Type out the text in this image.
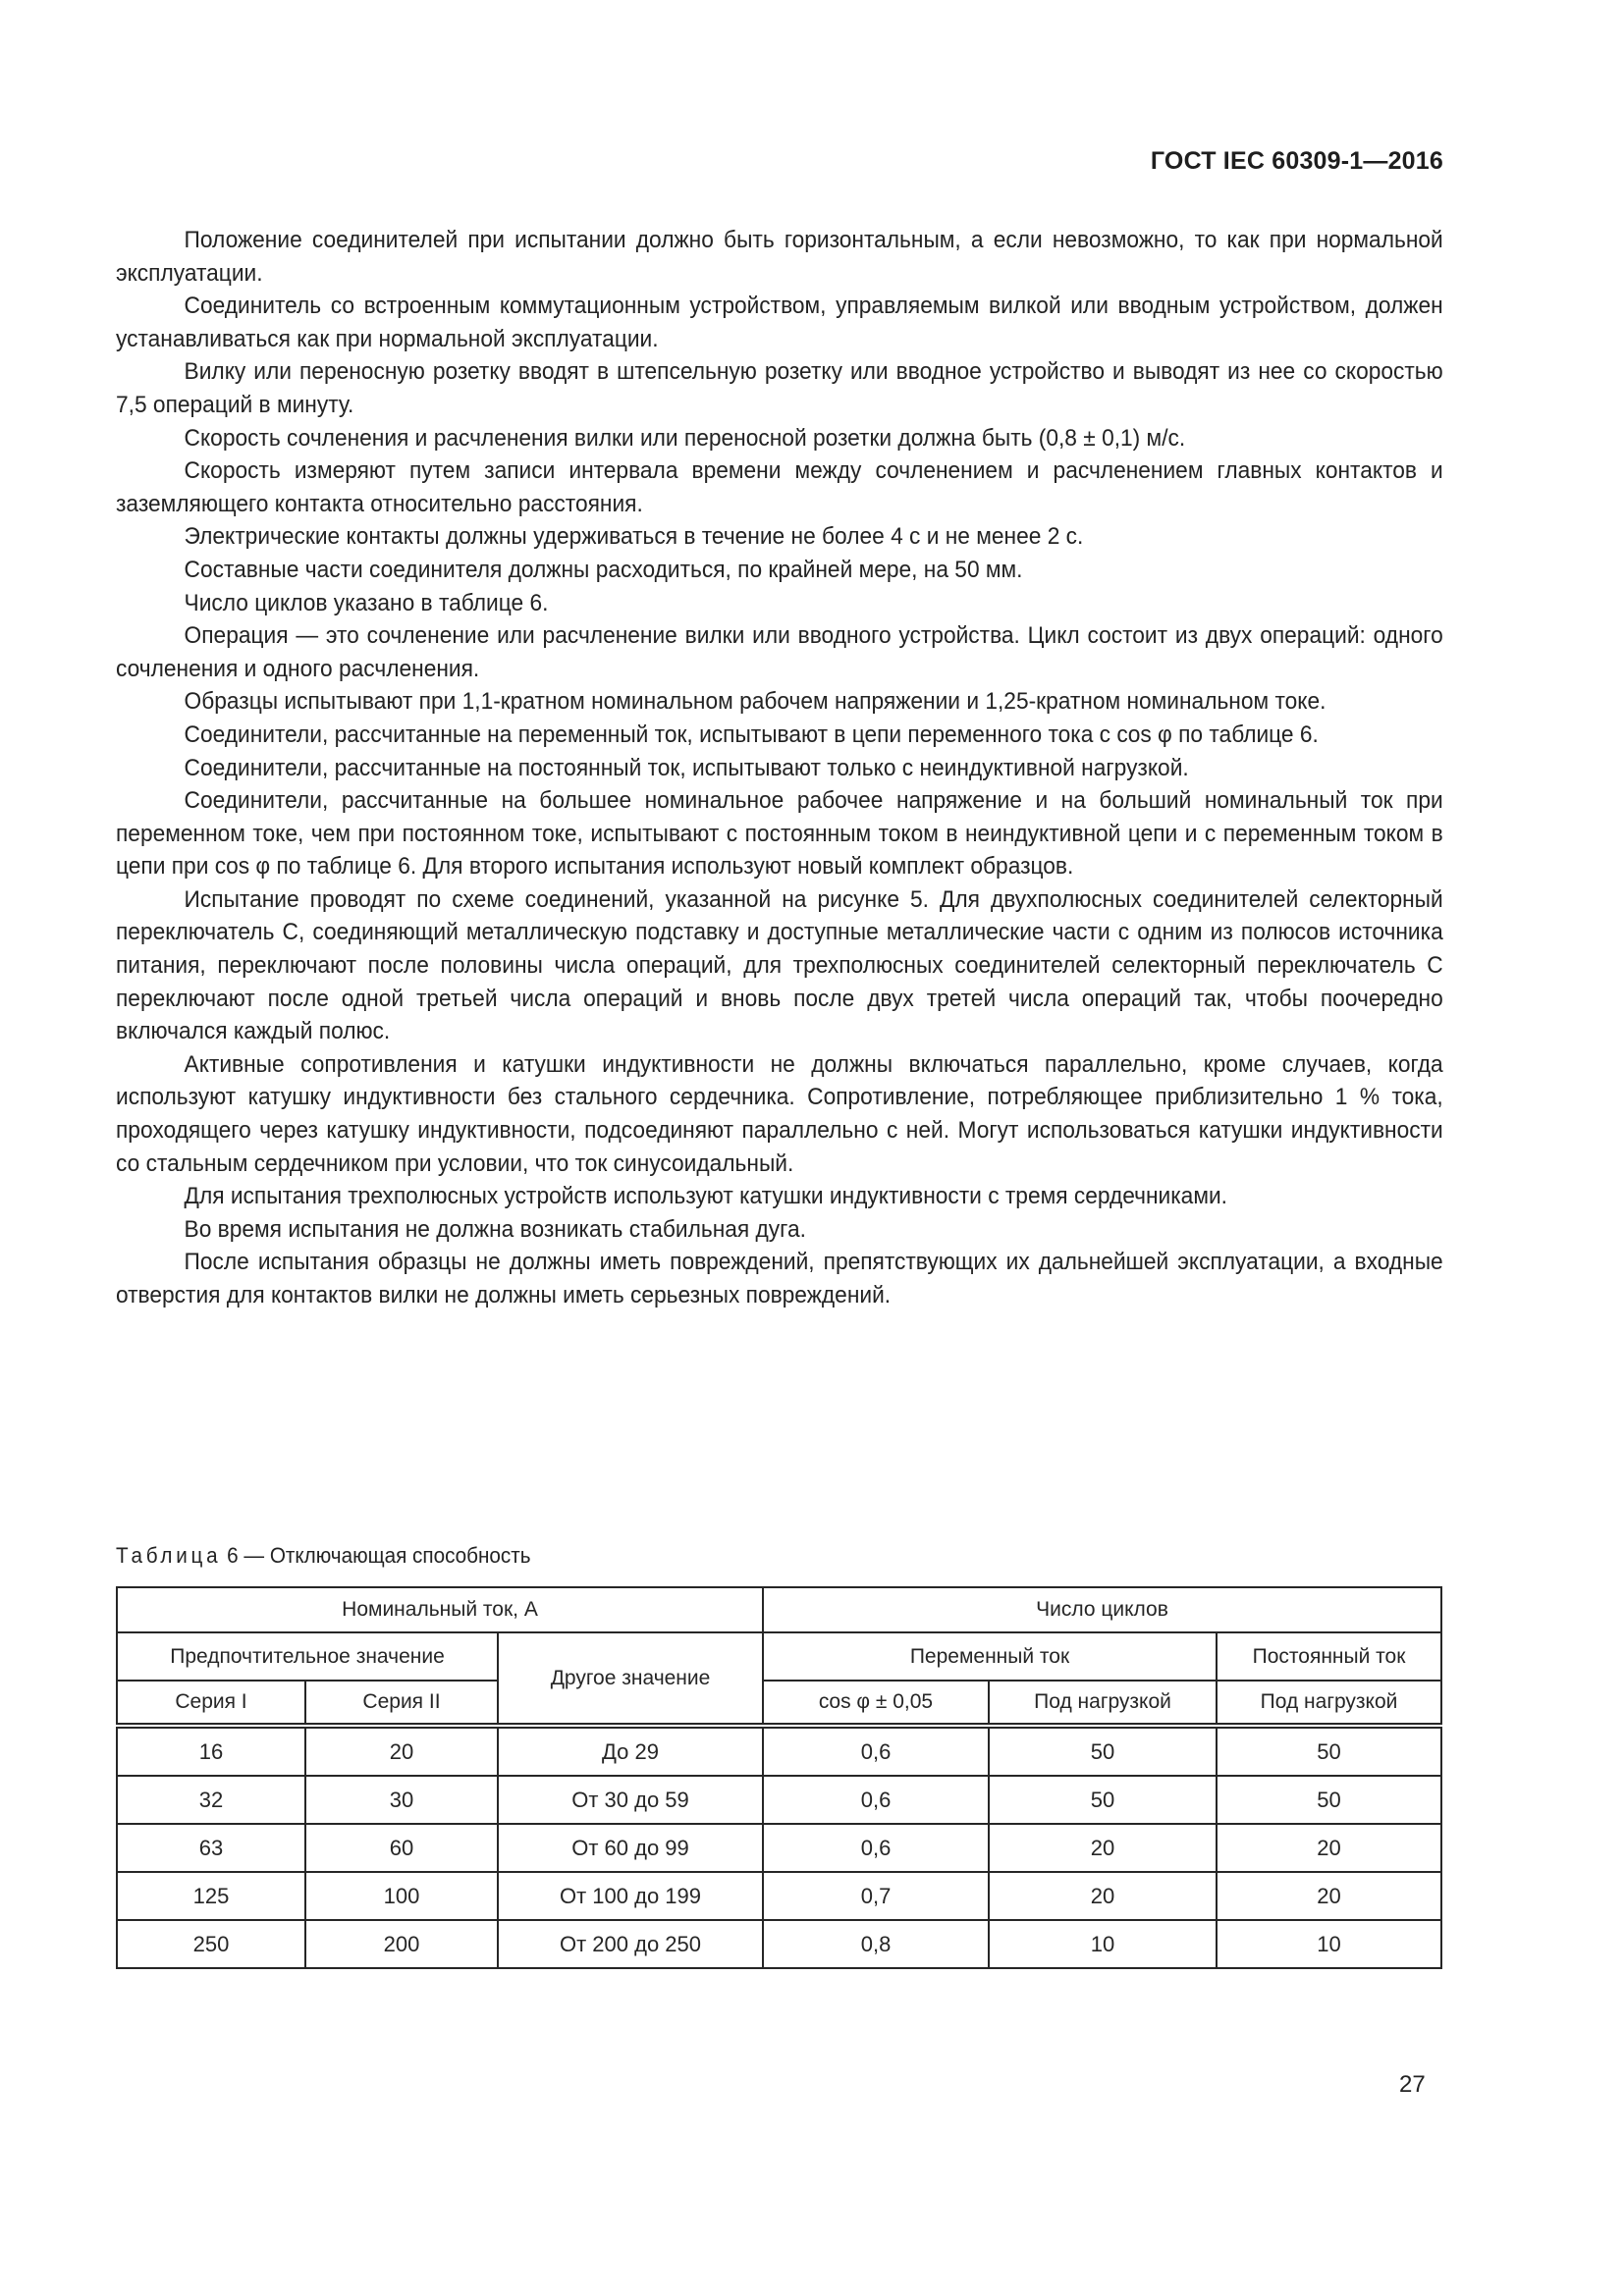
ГОСТ IEC 60309-1—2016

Положение соединителей при испытании должно быть горизонтальным, а если невозможно, то как при нормальной эксплуатации.

Соединитель со встроенным коммутационным устройством, управляемым вилкой или вводным устройством, должен устанавливаться как при нормальной эксплуатации.

Вилку или переносную розетку вводят в штепсельную розетку или вводное устройство и выводят из нее со скоростью 7,5 операций в минуту.

Скорость сочленения и расчленения вилки или переносной розетки должна быть (0,8 ± 0,1) м/с.

Скорость измеряют путем записи интервала времени между сочленением и расчленением главных контактов и заземляющего контакта относительно расстояния.

Электрические контакты должны удерживаться в течение не более 4 с и не менее 2 с.

Составные части соединителя должны расходиться, по крайней мере, на 50 мм.

Число циклов указано в таблице 6.

Операция — это сочленение или расчленение вилки или вводного устройства. Цикл состоит из двух операций: одного сочленения и одного расчленения.

Образцы испытывают при 1,1-кратном номинальном рабочем напряжении и 1,25-кратном номинальном токе.

Соединители, рассчитанные на переменный ток, испытывают в цепи переменного тока с cos φ по таблице 6.

Соединители, рассчитанные на постоянный ток, испытывают только с неиндуктивной нагрузкой.

Соединители, рассчитанные на большее номинальное рабочее напряжение и на больший номинальный ток при переменном токе, чем при постоянном токе, испытывают с постоянным током в неиндуктивной цепи и с переменным током в цепи при cos φ по таблице 6. Для второго испытания используют новый комплект образцов.

Испытание проводят по схеме соединений, указанной на рисунке 5. Для двухполюсных соединителей селекторный переключатель C, соединяющий металлическую подставку и доступные металлические части с одним из полюсов источника питания, переключают после половины числа операций, для трехполюсных соединителей селекторный переключатель C переключают после одной третьей числа операций и вновь после двух третей числа операций так, чтобы поочередно включался каждый полюс.

Активные сопротивления и катушки индуктивности не должны включаться параллельно, кроме случаев, когда используют катушку индуктивности без стального сердечника. Сопротивление, потребляющее приблизительно 1 % тока, проходящего через катушку индуктивности, подсоединяют параллельно с ней. Могут использоваться катушки индуктивности со стальным сердечником при условии, что ток синусоидальный.

Для испытания трехполюсных устройств используют катушки индуктивности с тремя сердечниками.

Во время испытания не должна возникать стабильная дуга.

После испытания образцы не должны иметь повреждений, препятствующих их дальнейшей эксплуатации, а входные отверстия для контактов вилки не должны иметь серьезных повреждений.

Таблица 6 — Отключающая способность
Номинальный ток, А			Число циклов		
Предпочтительное значение		Другое значение	Переменный ток		Постоянный ток
Серия I	Серия II		cos φ ± 0,05	Под нагрузкой	Под нагрузкой
16	20	До 29	0,6	50	50
32	30	От 30 до 59	0,6	50	50
63	60	От 60 до 99	0,6	20	20
125	100	От 100 до 199	0,7	20	20
250	200	От 200 до 250	0,8	10	10
27
